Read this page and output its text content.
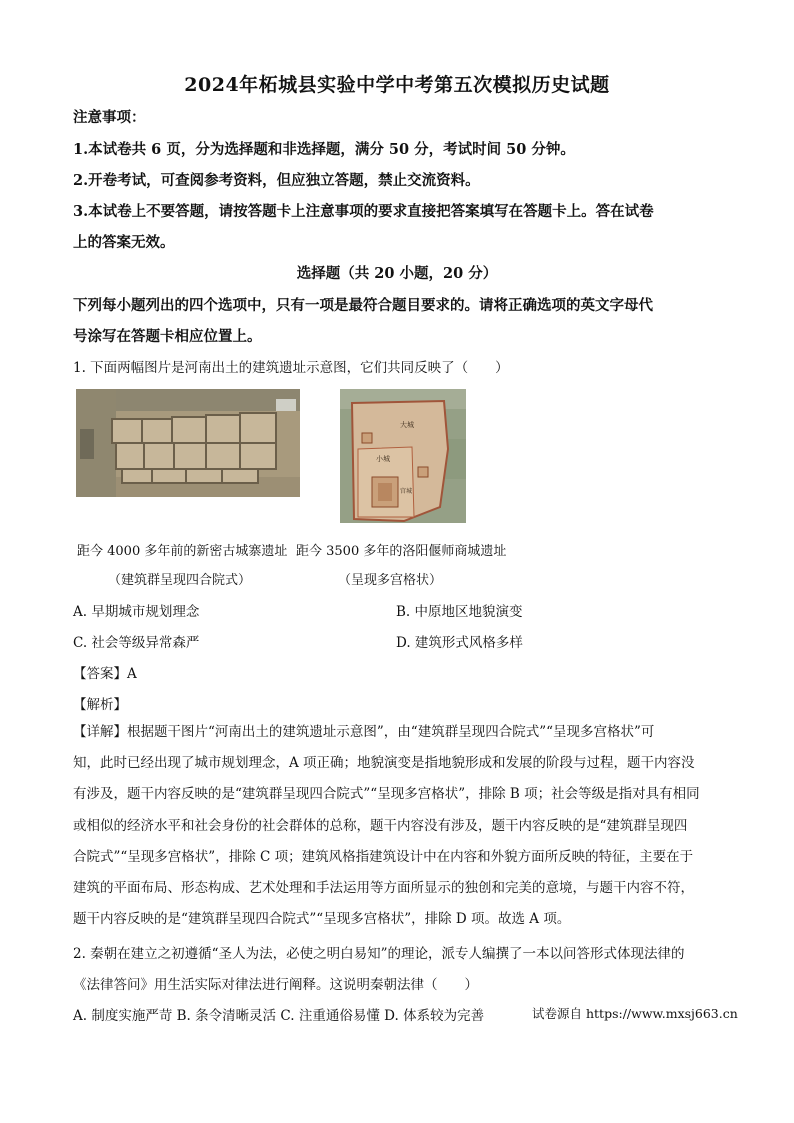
2024年柘城县实验中学中考第五次模拟历史试题
注意事项：
1.本试卷共 6 页，分为选择题和非选择题，满分 50 分，考试时间 50 分钟。
2.开卷考试，可查阅参考资料，但应独立答题，禁止交流资料。
3.本试卷上不要答题，请按答题卡上注意事项的要求直接把答案填写在答题卡上。答在试卷
上的答案无效。
选择题（共 20 小题，20 分）
下列每小题列出的四个选项中，只有一项是最符合题目要求的。请将正确选项的英文字母代
号涂写在答题卡相应位置上。
1. 下面两幅图片是河南出土的建筑遗址示意图，它们共同反映了（　　）
大城
小城
宫城
距今 4000 多年前的新密古城寨遗址 距今 3500 多年的洛阳偃师商城遗址
（建筑群呈现四合院式）	（呈现多宫格状）
A. 早期城市规划理念	B. 中原地区地貌演变
C. 社会等级异常森严	D. 建筑形式风格多样
【答案】A
【解析】
【详解】根据题干图片“河南出土的建筑遗址示意图”，由“建筑群呈现四合院式”“呈现多宫格状”可
知，此时已经出现了城市规划理念，A 项正确；地貌演变是指地貌形成和发展的阶段与过程，题干内容没
有涉及，题干内容反映的是“建筑群呈现四合院式”“呈现多宫格状”，排除 B 项；社会等级是指对具有相同
或相似的经济水平和社会身份的社会群体的总称，题干内容没有涉及，题干内容反映的是“建筑群呈现四
合院式”“呈现多宫格状”，排除 C 项；建筑风格指建筑设计中在内容和外貌方面所反映的特征，主要在于
建筑的平面布局、形态构成、艺术处理和手法运用等方面所显示的独创和完美的意境，与题干内容不符，
题干内容反映的是“建筑群呈现四合院式”“呈现多宫格状”，排除 D 项。故选 A 项。
2. 秦朝在建立之初遵循“圣人为法，必使之明白易知”的理论，派专人编撰了一本以问答形式体现法律的
《法律答问》用生活实际对律法进行阐释。这说明秦朝法律（　　）
A. 制度实施严苛 B. 条令清晰灵活 C. 注重通俗易懂 D. 体系较为完善	试卷源自 https://www.mxsj663.cn
